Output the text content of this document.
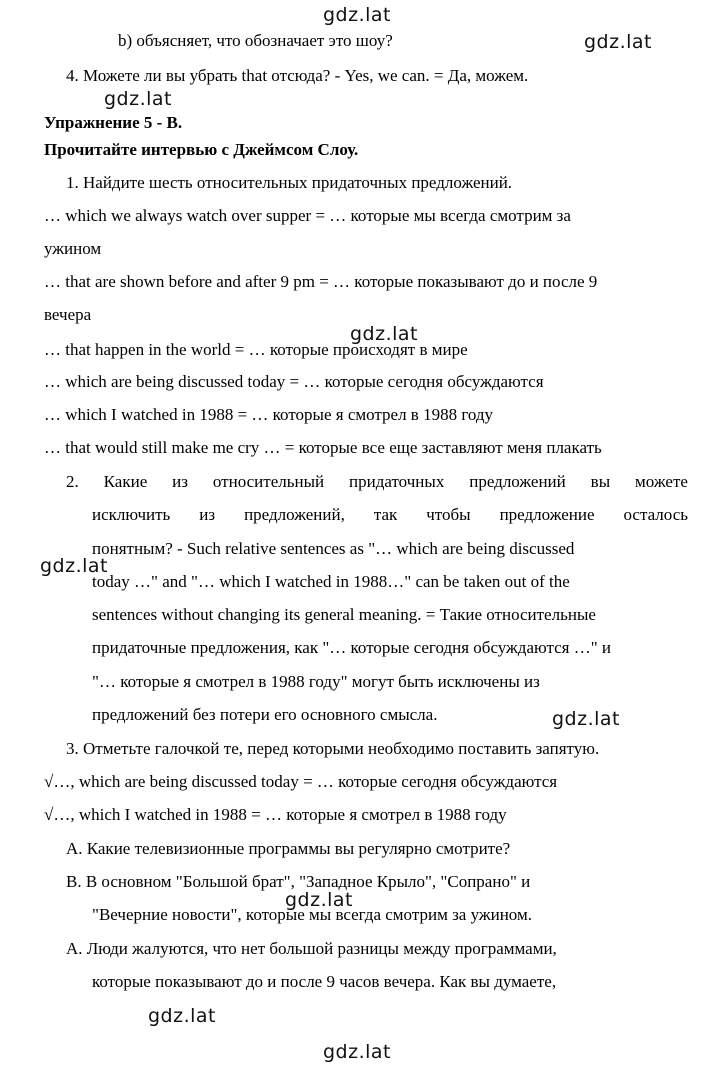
b) объясняет, что обозначает это шоу?
4. Можете ли вы убрать that отсюда? - Yes, we can. = Да, можем.
Упражнение 5 - B.
Прочитайте интервью с Джеймсом Слоу.
1. Найдите шесть относительных придаточных предложений.
… which we always watch over supper = … которые мы всегда смотрим за
ужином
… that are shown before and after 9 pm = … которые показывают до и после 9
вечера
… that happen in the world = … которые происходят в мире
… which are being discussed today = … которые сегодня обсуждаются
… which I watched in 1988 = … которые я смотрел в 1988 году
… that would still make me cry … = которые все еще заставляют меня плакать
2. Какие из относительный придаточных предложений вы можете
исключить из предложений, так чтобы предложение осталось
понятным? - Such relative sentences as "… which are being discussed
today …" and "… which I watched in 1988…" can be taken out of the
sentences without changing its general meaning. = Такие относительные
придаточные предложения, как "… которые сегодня обсуждаются …" и
"… которые я смотрел в 1988 году" могут быть исключены из
предложений без потери его основного смысла.
3. Отметьте галочкой те, перед которыми необходимо поставить запятую.
√…, which are being discussed today = … которые сегодня обсуждаются
√…, which I watched in 1988 = … которые я смотрел в 1988 году
A. Какие телевизионные программы вы регулярно смотрите?
B. В основном "Большой брат", "Западное Крыло", "Сопрано" и
"Вечерние новости", которые мы всегда смотрим за ужином.
A. Люди жалуются, что нет большой разницы между программами,
которые показывают до и после 9 часов вечера. Как вы думаете,
gdz.lat
gdz.lat
gdz.lat
gdz.lat
gdz.lat
gdz.lat
gdz.lat
gdz.lat
gdz.lat
